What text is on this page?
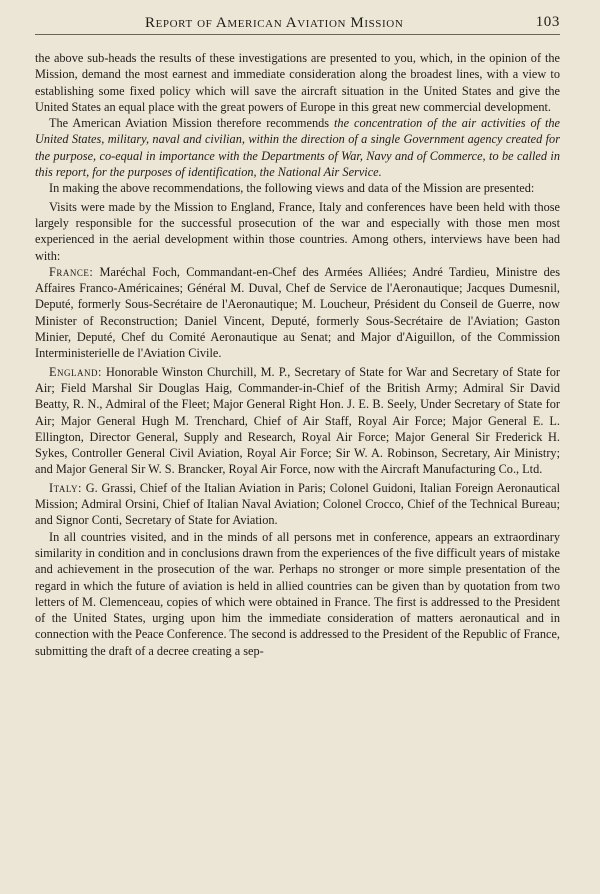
Report of American Aviation Mission	103

the above sub-heads the results of these investigations are presented to you, which, in the opinion of the Mission, demand the most earnest and immediate consideration along the broadest lines, with a view to establishing some fixed policy which will save the aircraft situation in the United States and give the United States an equal place with the great powers of Europe in this great new commercial development.

The American Aviation Mission therefore recommends the concentration of the air activities of the United States, military, naval and civilian, within the direction of a single Government agency created for the purpose, co-equal in importance with the Departments of War, Navy and of Commerce, to be called in this report, for the purposes of identification, the National Air Service.

In making the above recommendations, the following views and data of the Mission are presented:

Visits were made by the Mission to England, France, Italy and conferences have been held with those largely responsible for the successful prosecution of the war and especially with those men most experienced in the aerial development within those countries. Among others, interviews have been had with:

France: Maréchal Foch, Commandant-en-Chef des Armées Alliées; André Tardieu, Ministre des Affaires Franco-Américaines; Général M. Duval, Chef de Service de l'Aeronautique; Jacques Dumesnil, Deputé, formerly Sous-Secrétaire de l'Aeronautique; M. Loucheur, Président du Conseil de Guerre, now Minister of Reconstruction; Daniel Vincent, Deputé, formerly Sous-Secrétaire de l'Aviation; Gaston Minier, Deputé, Chef du Comité Aeronautique au Senat; and Major d'Aiguillon, of the Commission Interministerielle de l'Aviation Civile.

England: Honorable Winston Churchill, M. P., Secretary of State for War and Secretary of State for Air; Field Marshal Sir Douglas Haig, Commander-in-Chief of the British Army; Admiral Sir David Beatty, R. N., Admiral of the Fleet; Major General Right Hon. J. E. B. Seely, Under Secretary of State for Air; Major General Hugh M. Trenchard, Chief of Air Staff, Royal Air Force; Major General E. L. Ellington, Director General, Supply and Research, Royal Air Force; Major General Sir Frederick H. Sykes, Controller General Civil Aviation, Royal Air Force; Sir W. A. Robinson, Secretary, Air Ministry; and Major General Sir W. S. Brancker, Royal Air Force, now with the Aircraft Manufacturing Co., Ltd.

Italy: G. Grassi, Chief of the Italian Aviation in Paris; Colonel Guidoni, Italian Foreign Aeronautical Mission; Admiral Orsini, Chief of Italian Naval Aviation; Colonel Crocco, Chief of the Technical Bureau; and Signor Conti, Secretary of State for Aviation.

In all countries visited, and in the minds of all persons met in conference, appears an extraordinary similarity in condition and in conclusions drawn from the experiences of the five difficult years of mistake and achievement in the prosecution of the war. Perhaps no stronger or more simple presentation of the regard in which the future of aviation is held in allied countries can be given than by quotation from two letters of M. Clemenceau, copies of which were obtained in France. The first is addressed to the President of the United States, urging upon him the immediate consideration of matters aeronautical and in connection with the Peace Conference. The second is addressed to the President of the Republic of France, submitting the draft of a decree creating a sep-
